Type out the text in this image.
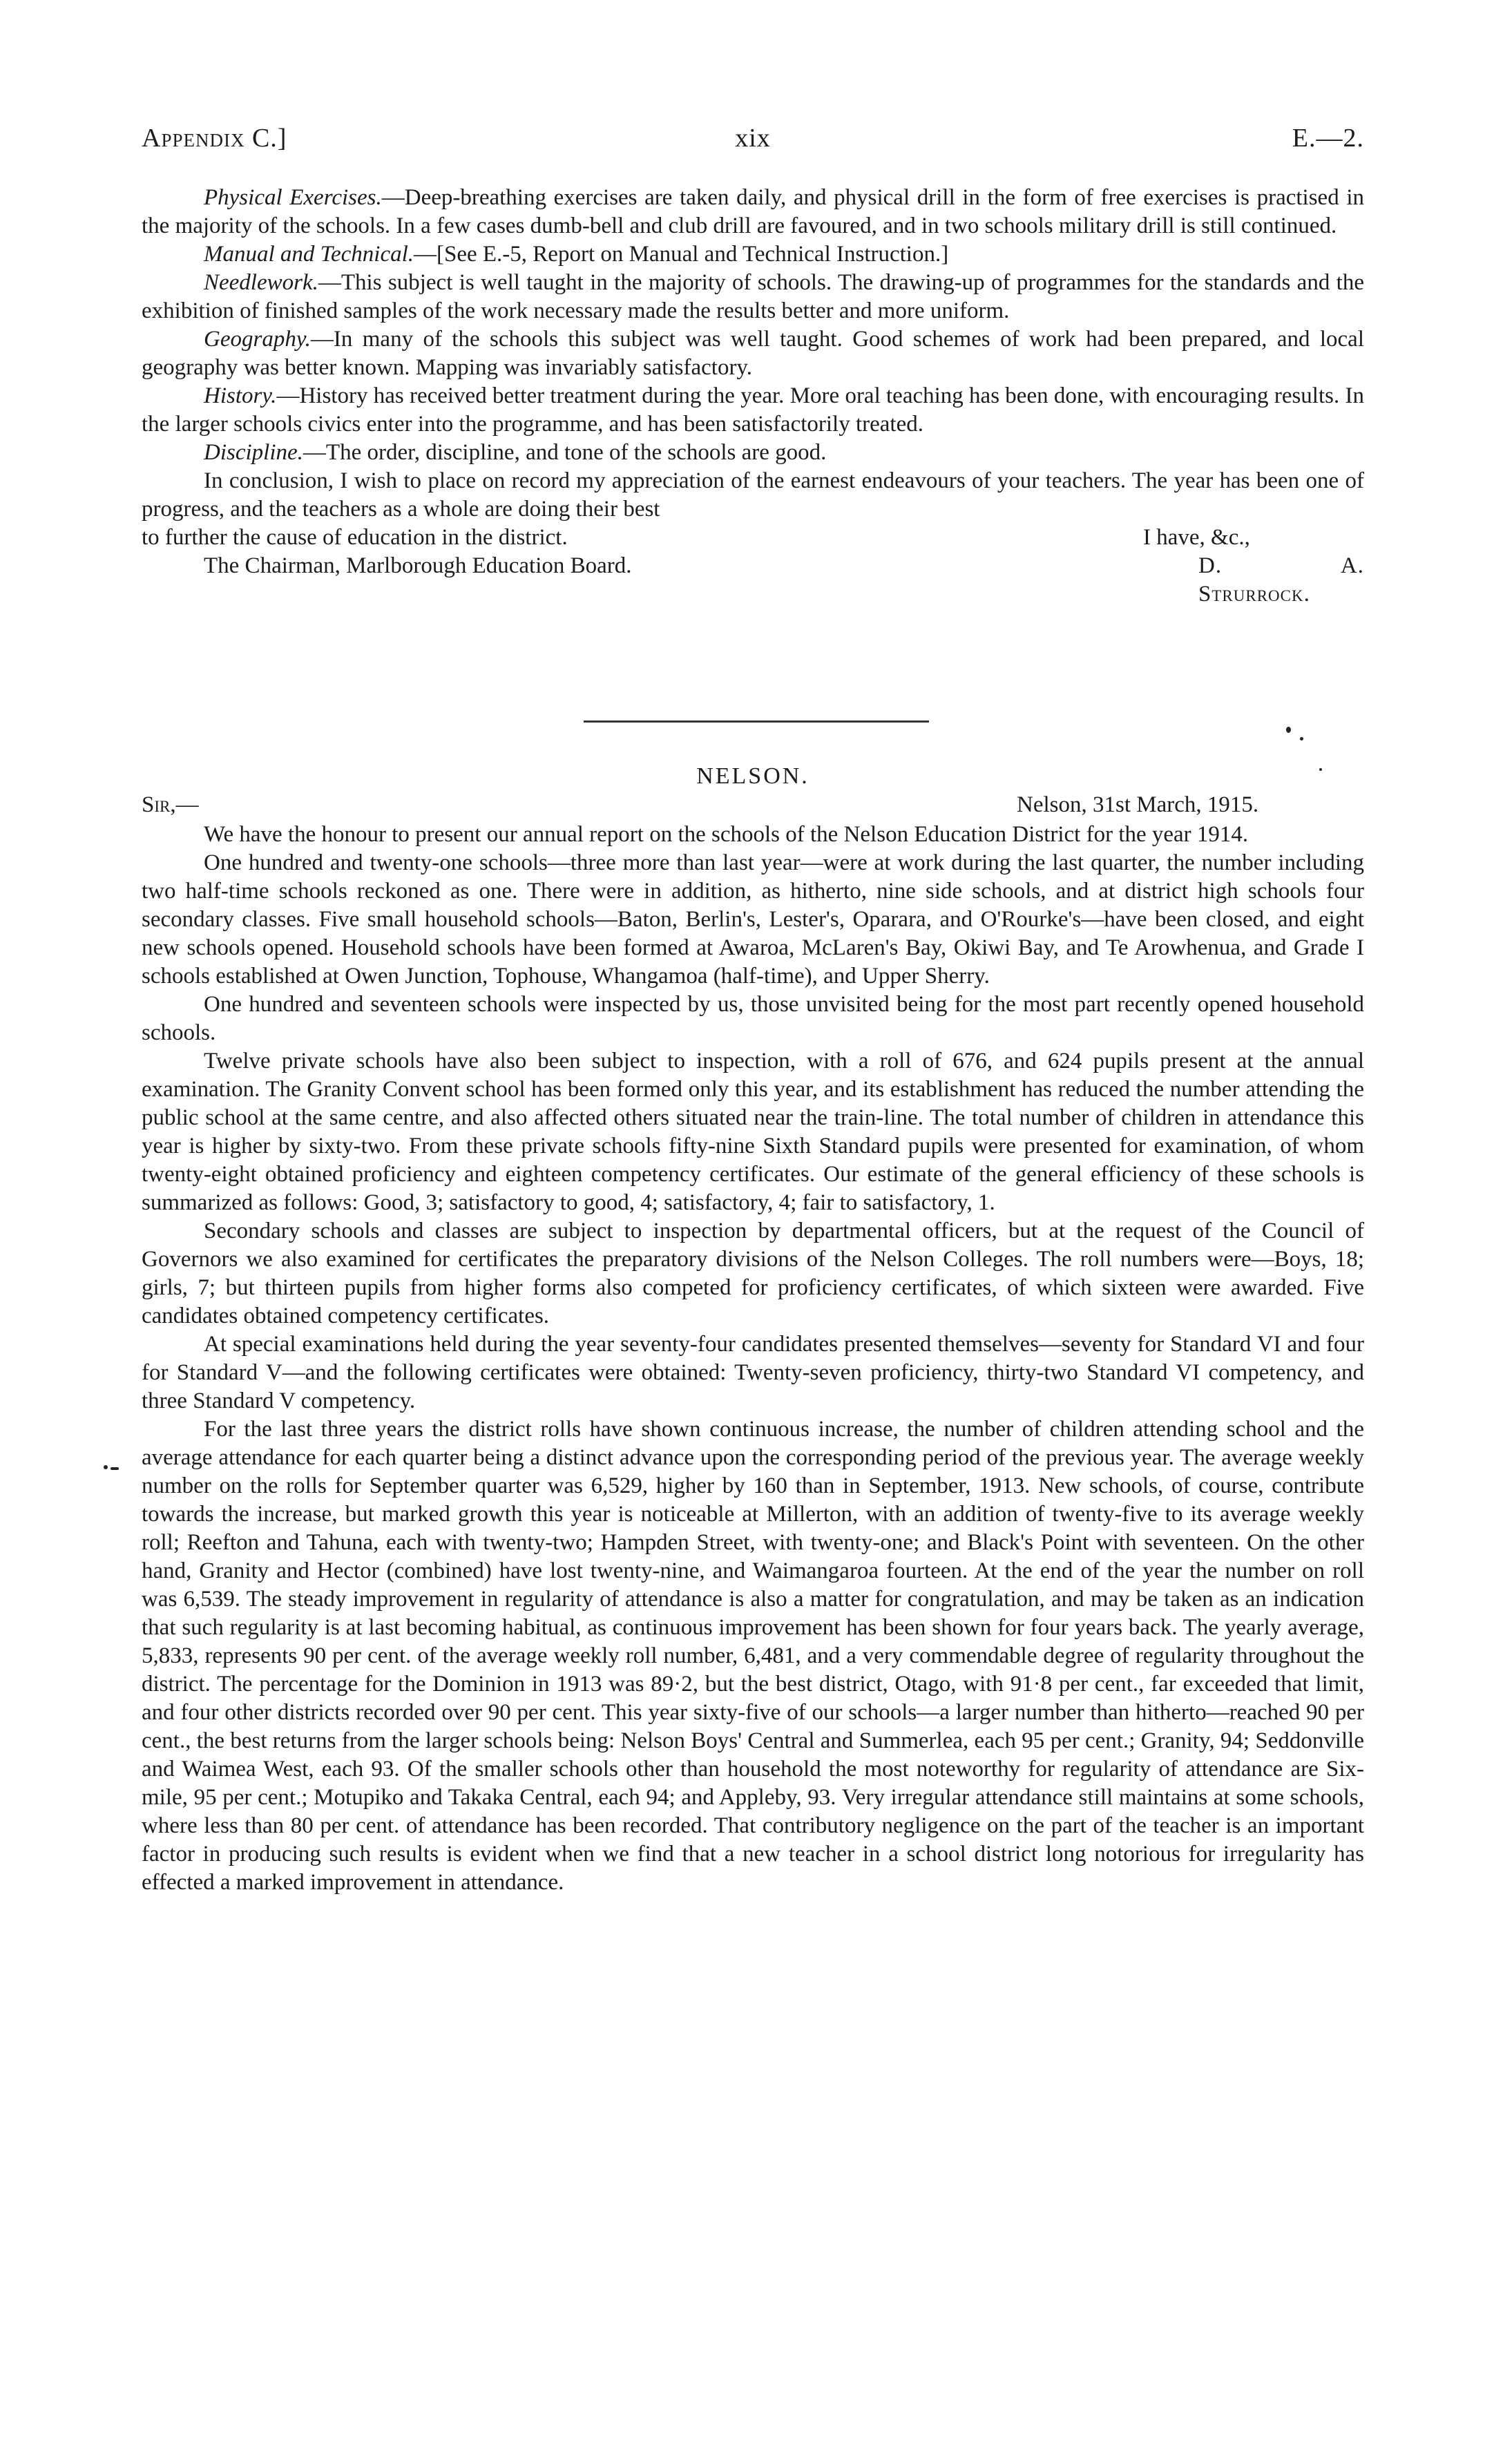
Appendix C.]	xix	E.—2.

Physical Exercises.—Deep-breathing exercises are taken daily, and physical drill in the form of free exercises is practised in the majority of the schools. In a few cases dumb-bell and club drill are favoured, and in two schools military drill is still continued.

Manual and Technical.—[See E.-5, Report on Manual and Technical Instruction.]

Needlework.—This subject is well taught in the majority of schools. The drawing-up of programmes for the standards and the exhibition of finished samples of the work necessary made the results better and more uniform.

Geography.—In many of the schools this subject was well taught. Good schemes of work had been prepared, and local geography was better known. Mapping was invariably satisfactory.

History.—History has received better treatment during the year. More oral teaching has been done, with encouraging results. In the larger schools civics enter into the programme, and has been satisfactorily treated.

Discipline.—The order, discipline, and tone of the schools are good.

In conclusion, I wish to place on record my appreciation of the earnest endeavours of your teachers. The year has been one of progress, and the teachers as a whole are doing their best

to further the cause of education in the district.	I have, &c.,
The Chairman, Marlborough Education Board.	D. A. Strurrock.
NELSON.
Sir,—	Nelson, 31st March, 1915.

We have the honour to present our annual report on the schools of the Nelson Education District for the year 1914.

One hundred and twenty-one schools—three more than last year—were at work during the last quarter, the number including two half-time schools reckoned as one. There were in addition, as hitherto, nine side schools, and at district high schools four secondary classes. Five small household schools—Baton, Berlin's, Lester's, Oparara, and O'Rourke's—have been closed, and eight new schools opened. Household schools have been formed at Awaroa, McLaren's Bay, Okiwi Bay, and Te Arowhenua, and Grade I schools established at Owen Junction, Tophouse, Whangamoa (half-time), and Upper Sherry.

One hundred and seventeen schools were inspected by us, those unvisited being for the most part recently opened household schools.

Twelve private schools have also been subject to inspection, with a roll of 676, and 624 pupils present at the annual examination. The Granity Convent school has been formed only this year, and its establishment has reduced the number attending the public school at the same centre, and also affected others situated near the train-line. The total number of children in attendance this year is higher by sixty-two. From these private schools fifty-nine Sixth Standard pupils were presented for examination, of whom twenty-eight obtained proficiency and eighteen competency certificates. Our estimate of the general efficiency of these schools is summarized as follows: Good, 3; satisfactory to good, 4; satisfactory, 4; fair to satisfactory, 1.

Secondary schools and classes are subject to inspection by departmental officers, but at the request of the Council of Governors we also examined for certificates the preparatory divisions of the Nelson Colleges. The roll numbers were—Boys, 18; girls, 7; but thirteen pupils from higher forms also competed for proficiency certificates, of which sixteen were awarded. Five candidates obtained competency certificates.

At special examinations held during the year seventy-four candidates presented themselves—seventy for Standard VI and four for Standard V—and the following certificates were obtained: Twenty-seven proficiency, thirty-two Standard VI competency, and three Standard V competency.

For the last three years the district rolls have shown continuous increase, the number of children attending school and the average attendance for each quarter being a distinct advance upon the corresponding period of the previous year. The average weekly number on the rolls for September quarter was 6,529, higher by 160 than in September, 1913. New schools, of course, contribute towards the increase, but marked growth this year is noticeable at Millerton, with an addition of twenty-five to its average weekly roll; Reefton and Tahuna, each with twenty-two; Hampden Street, with twenty-one; and Black's Point with seventeen. On the other hand, Granity and Hector (combined) have lost twenty-nine, and Waimangaroa fourteen. At the end of the year the number on roll was 6,539. The steady improvement in regularity of attendance is also a matter for congratulation, and may be taken as an indication that such regularity is at last becoming habitual, as continuous improvement has been shown for four years back. The yearly average, 5,833, represents 90 per cent. of the average weekly roll number, 6,481, and a very commendable degree of regularity throughout the district. The percentage for the Dominion in 1913 was 89·2, but the best district, Otago, with 91·8 per cent., far exceeded that limit, and four other districts recorded over 90 per cent. This year sixty-five of our schools—a larger number than hitherto—reached 90 per cent., the best returns from the larger schools being: Nelson Boys' Central and Summerlea, each 95 per cent.; Granity, 94; Seddonville and Waimea West, each 93. Of the smaller schools other than household the most noteworthy for regularity of attendance are Six-mile, 95 per cent.; Motupiko and Takaka Central, each 94; and Appleby, 93. Very irregular attendance still maintains at some schools, where less than 80 per cent. of attendance has been recorded. That contributory negligence on the part of the teacher is an important factor in producing such results is evident when we find that a new teacher in a school district long notorious for irregularity has effected a marked improvement in attendance.
